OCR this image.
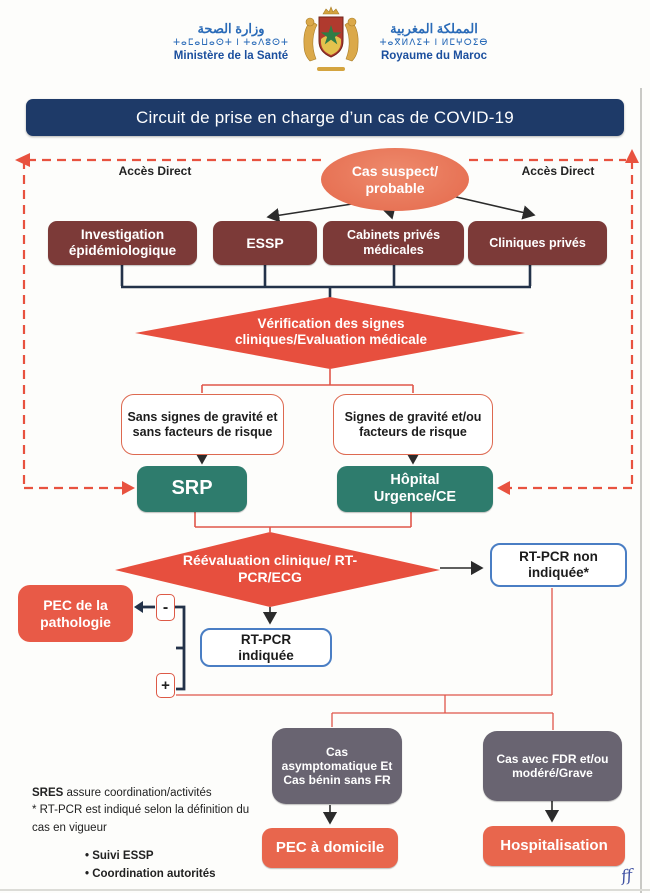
وزارة الصحة
ⵜⴰⵎⴰⵡⴰⵙⵜ ⵏ ⵜⴰⴷⵓⵙⵜ
Ministère de la Santé
المملكة المغربية
ⵜⴰⴳⵍⴷⵉⵜ ⵏ ⵍⵎⵖⵔⵉⴱ
Royaume du Maroc
Circuit de prise en charge d’un cas de COVID-19
Accès Direct	Accès Direct
Cas suspect/ probable
Investigation épidémiologique	ESSP	Cabinets privés médicales
Cliniques privés
Vérification des signes cliniques/Evaluation médicale
Sans signes de gravité et sans facteurs de risque
Signes de gravité et/ou facteurs de risque
SRP	Hôpital Urgence/CE
Réévaluation clinique/ RT-PCR/ECG
RT-PCR non indiquée*
RT-PCR indiquée
PEC de la pathologie
-
+
Cas asymptomatique Et Cas bénin sans FR
Cas avec FDR et/ou modéré/Grave
PEC à domicile	Hospitalisation
SRES assure coordination/activités
* RT-PCR est indiqué selon la définition du cas en vigueur
• Suivi ESSP
• Coordination autorités	ff
